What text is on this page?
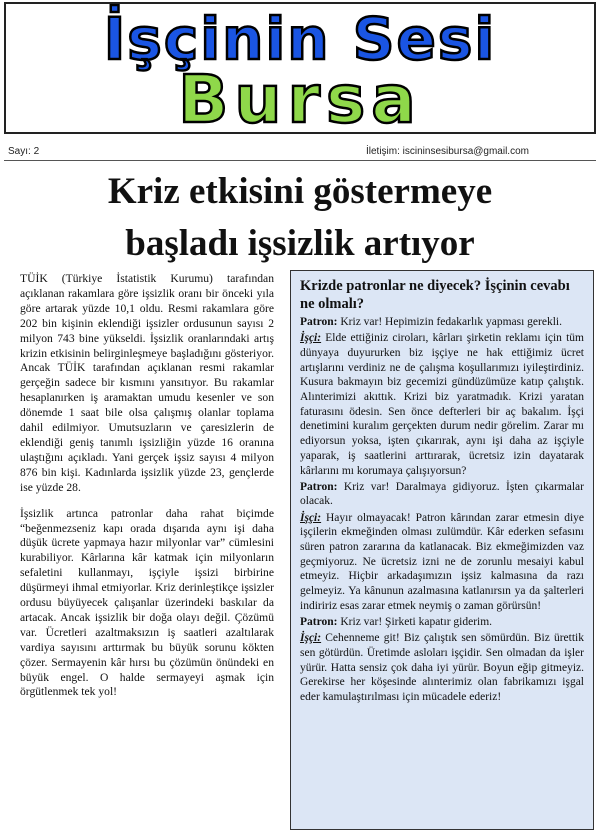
İşçinin Sesi
Bursa
Sayı: 2	İletişim: iscininsesibursa@gmail.com
Kriz etkisini göstermeye
başladı işsizlik artıyor

TÜİK (Türkiye İstatistik Kurumu) tarafından açıklanan rakamlara göre işsizlik oranı bir önceki yıla göre artarak yüzde 10,1 oldu. Resmi rakamlara göre 202 bin kişinin eklendiği işsizler ordusunun sayısı 2 milyon 743 bine yükseldi. İşsizlik oranlarındaki artış krizin etkisinin belirginleşmeye başladığını gösteriyor. Ancak TÜİK tarafından açıklanan resmi rakamlar gerçeğin sadece bir kısmını yansıtıyor. Bu rakamlar hesaplanırken iş aramaktan umudu kesenler ve son dönemde 1 saat bile olsa çalışmış olanlar toplama dahil edilmiyor. Umutsuzların ve çaresizlerin de eklendiği geniş tanımlı işsizliğin yüzde 16 oranına ulaştığını açıkladı. Yani gerçek işsiz sayısı 4 milyon 876 bin kişi. Kadınlarda işsizlik yüzde 23, gençlerde ise yüzde 28.

İşsizlik artınca patronlar daha rahat biçimde “beğenmezseniz kapı orada dışarıda aynı işi daha düşük ücrete yapmaya hazır milyonlar var” cümlesini kurabiliyor. Kârlarına kâr katmak için milyonların sefaletini kullanmayı, işçiyle işsizi birbirine düşürmeyi ihmal etmiyorlar. Kriz derinleştikçe işsizler ordusu büyüyecek çalışanlar üzerindeki baskılar da artacak. Ancak işsizlik bir doğa olayı değil. Çözümü var. Ücretleri azaltmaksızın iş saatleri azaltılarak vardiya sayısını arttırmak bu büyük sorunu kökten çözer. Sermayenin kâr hırsı bu çözümün önündeki en büyük engel. O halde sermayeyi aşmak için örgütlenmek tek yol!

Krizde patronlar ne diyecek? İşçinin cevabı ne olmalı?

Patron: Kriz var! Hepimizin fedakarlık yapması gerekli.

İşçi: Elde ettiğiniz ciroları, kârları şirketin reklamı için tüm dünyaya duyururken biz işçiye ne hak ettiğimiz ücret artışlarını verdiniz ne de çalışma koşullarımızı iyileştirdiniz. Kusura bakmayın biz gecemizi gündüzümüze katıp çalıştık. Alınterimizi akıttık. Krizi biz yaratmadık. Krizi yaratan faturasını ödesin. Sen önce defterleri bir aç bakalım. İşçi denetimini kuralım gerçekten durum nedir görelim. Zarar mı ediyorsun yoksa, işten çıkarırak, aynı işi daha az işçiyle yaparak, iş saatlerini arttırarak, ücretsiz izin dayatarak kârlarını mı korumaya çalışıyorsun?

Patron: Kriz var! Daralmaya gidiyoruz. İşten çıkarmalar olacak.

İşçi: Hayır olmayacak! Patron kârından zarar etmesin diye işçilerin ekmeğinden olması zulümdür. Kâr ederken sefasını süren patron zararına da katlanacak. Biz ekmeğimizden vaz geçmiyoruz. Ne ücretsiz izni ne de zorunlu mesaiyi kabul etmeyiz. Hiçbir arkadaşımızın işsiz kalmasına da razı gelmeyiz. Ya kânunun azalmasına katlanırsın ya da şalterleri indiririz esas zarar etmek neymiş o zaman görürsün!

Patron: Kriz var! Şirketi kapatır giderim.

İşçi: Cehenneme git! Biz çalıştık sen sömürdün. Biz ürettik sen götürdün. Üretimde asloları işçidir. Sen olmadan da işler yürür. Hatta sensiz çok daha iyi yürür. Boyun eğip gitmeyiz. Gerekirse her köşesinde alınterimiz olan fabrikamızı işgal eder kamulaştırılması için mücadele ederiz!
